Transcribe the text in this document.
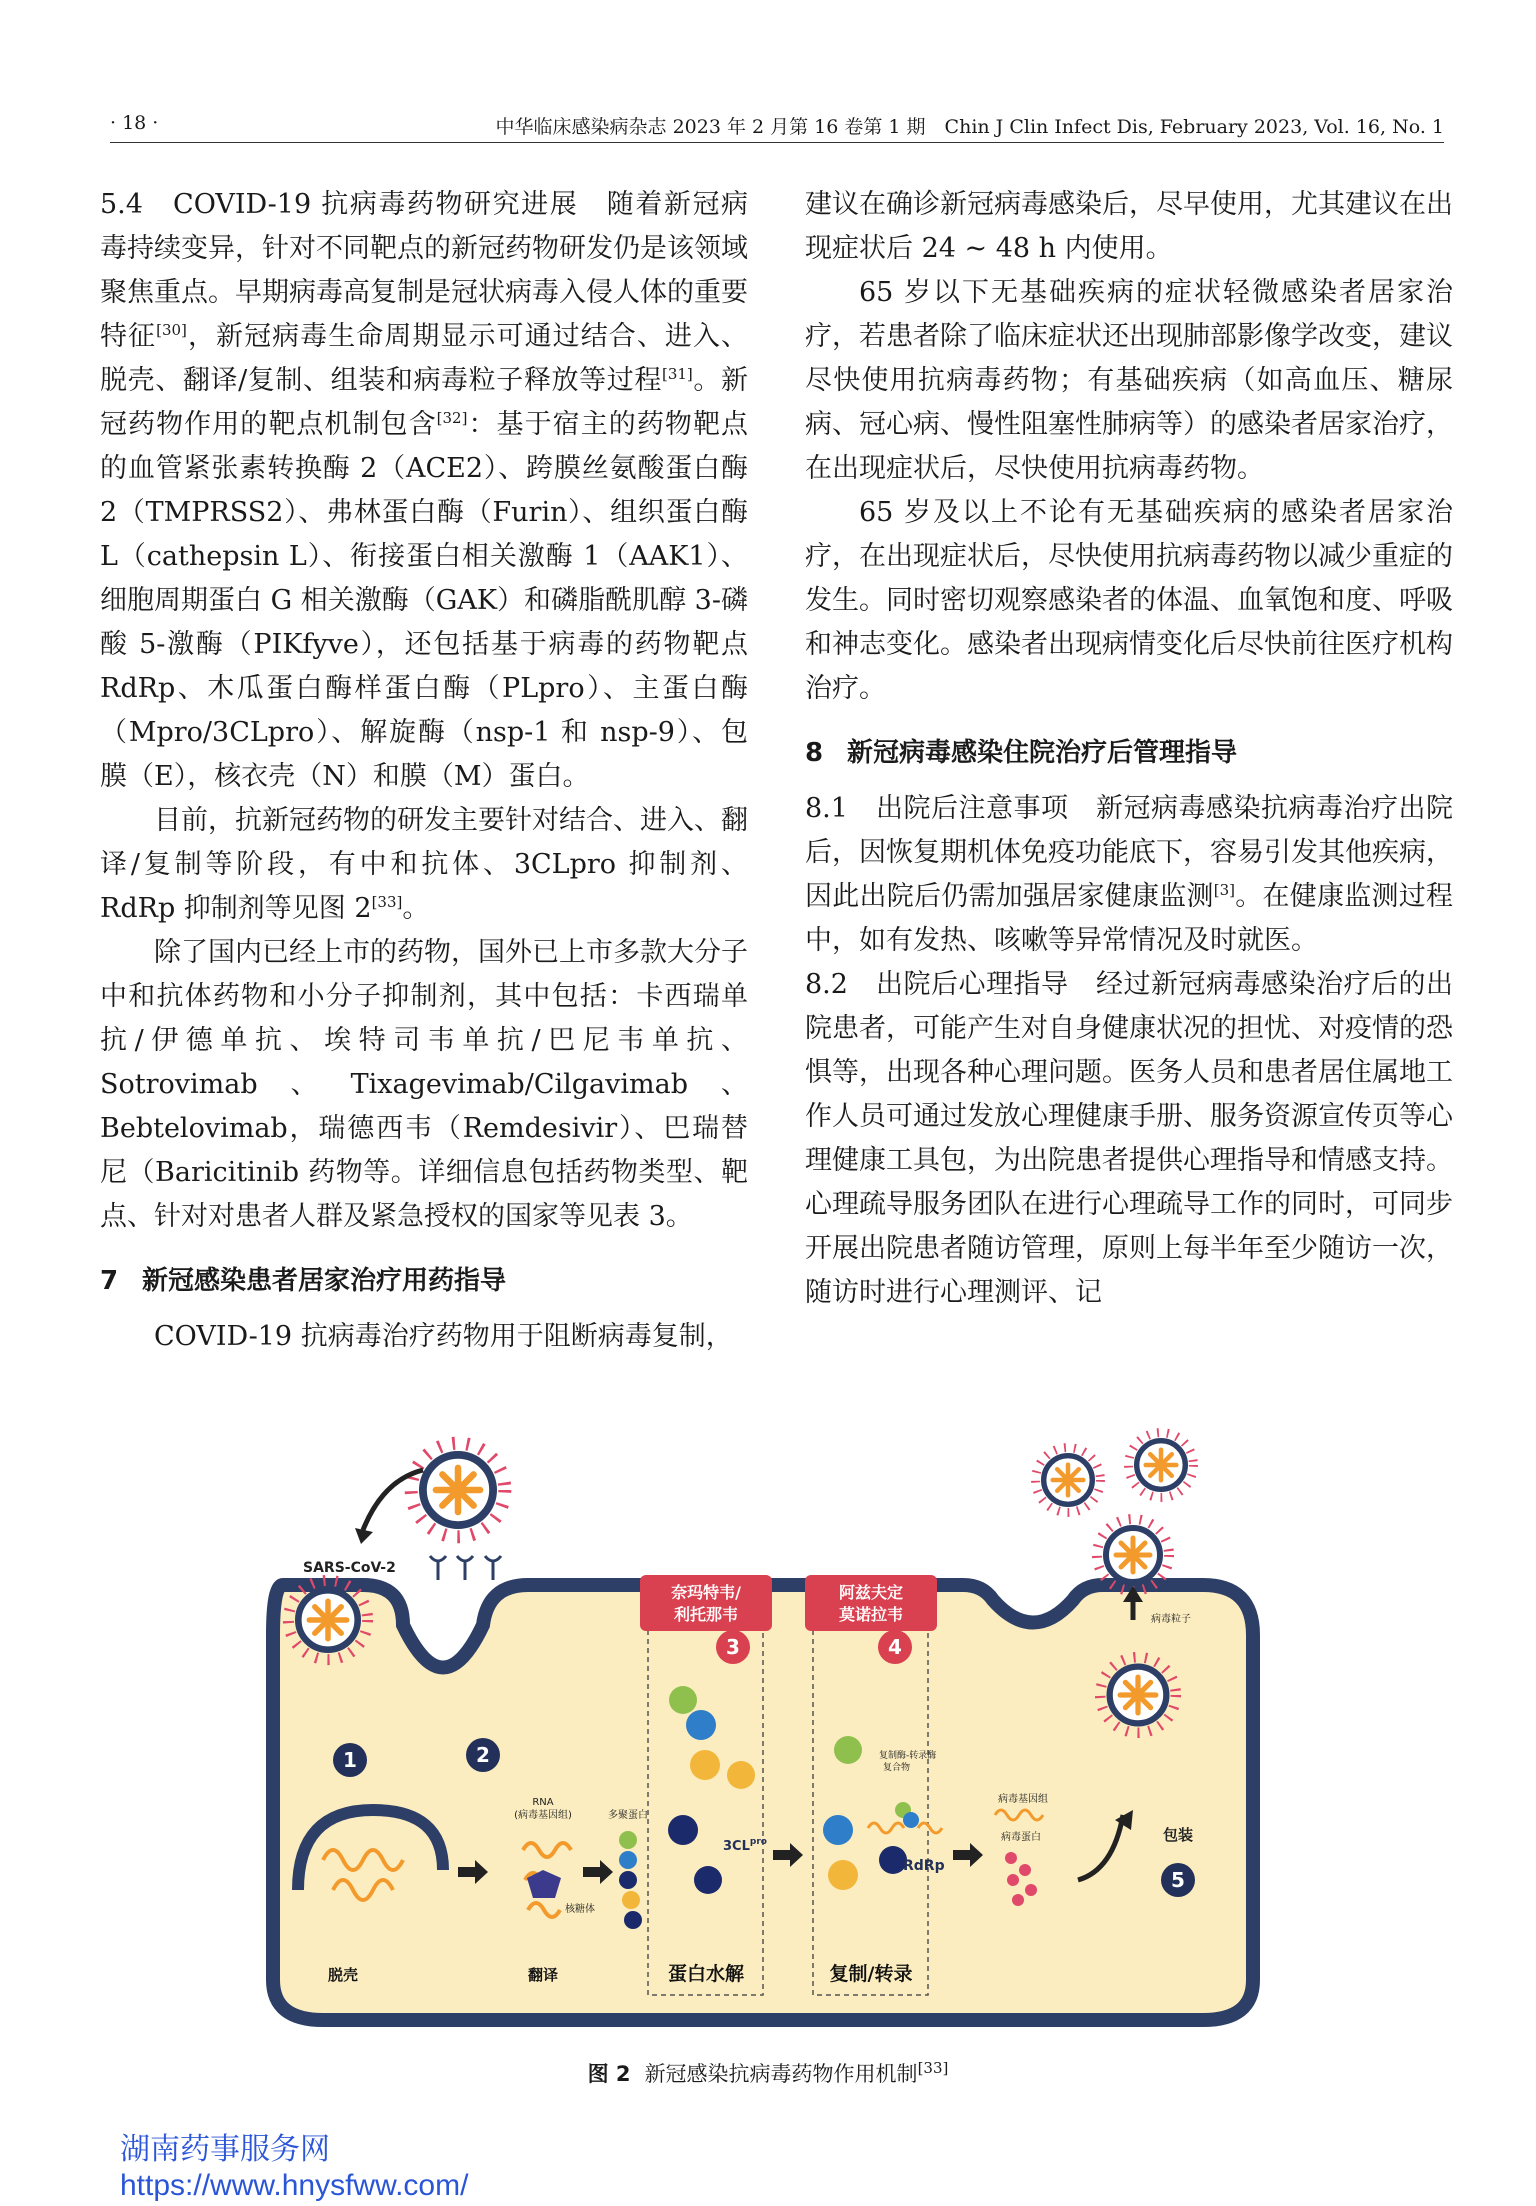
· 18 ·	中华临床感染病杂志 2023 年 2 月第 16 卷第 1 期　Chin J Clin Infect Dis, February 2023, Vol. 16, No. 1

5.4　COVID-19 抗病毒药物研究进展　随着新冠病毒持续变异，针对不同靶点的新冠药物研发仍是该领域聚焦重点。早期病毒高复制是冠状病毒入侵人体的重要特征[30]，新冠病毒生命周期显示可通过结合、进入、脱壳、翻译/复制、组装和病毒粒子释放等过程[31]。新冠药物作用的靶点机制包含[32]：基于宿主的药物靶点的血管紧张素转换酶 2（ACE2）、跨膜丝氨酸蛋白酶 2（TMPRSS2）、弗林蛋白酶（Furin）、组织蛋白酶 L（cathepsin L）、衔接蛋白相关激酶 1（AAK1）、细胞周期蛋白 G 相关激酶（GAK）和磷脂酰肌醇 3-磷酸 5-激酶（PIKfyve），还包括基于病毒的药物靶点 RdRp、木瓜蛋白酶样蛋白酶（PLpro）、主蛋白酶（Mpro/3CLpro）、解旋酶（nsp-1 和 nsp-9）、包膜（E），核衣壳（N）和膜（M）蛋白。

目前，抗新冠药物的研发主要针对结合、进入、翻译/复制等阶段，有中和抗体、3CLpro 抑制剂、RdRp 抑制剂等见图 2[33]。

除了国内已经上市的药物，国外已上市多款大分子中和抗体药物和小分子抑制剂，其中包括：卡西瑞单抗/伊德单抗、埃特司韦单抗/巴尼韦单抗、Sotrovimab、Tixagevimab/Cilgavimab、Bebtelovimab，瑞德西韦（Remdesivir）、巴瑞替尼（Baricitinib 药物等。详细信息包括药物类型、靶点、针对对患者人群及紧急授权的国家等见表 3。

7 新冠感染患者居家治疗用药指导

COVID-19 抗病毒治疗药物用于阻断病毒复制，

建议在确诊新冠病毒感染后，尽早使用，尤其建议在出现症状后 24 ~ 48 h 内使用。

65 岁以下无基础疾病的症状轻微感染者居家治疗，若患者除了临床症状还出现肺部影像学改变，建议尽快使用抗病毒药物；有基础疾病（如高血压、糖尿病、冠心病、慢性阻塞性肺病等）的感染者居家治疗，在出现症状后，尽快使用抗病毒药物。

65 岁及以上不论有无基础疾病的感染者居家治疗，在出现症状后，尽快使用抗病毒药物以减少重症的发生。同时密切观察感染者的体温、血氧饱和度、呼吸和神志变化。感染者出现病情变化后尽快前往医疗机构治疗。

8 新冠病毒感染住院治疗后管理指导

8.1　出院后注意事项　新冠病毒感染抗病毒治疗出院后，因恢复期机体免疫功能底下，容易引发其他疾病，因此出院后仍需加强居家健康监测[3]。在健康监测过程中，如有发热、咳嗽等异常情况及时就医。

8.2　出院后心理指导　经过新冠病毒感染治疗后的出院患者，可能产生对自身健康状况的担忧、对疫情的恐惧等，出现各种心理问题。医务人员和患者居住属地工作人员可通过发放心理健康手册、服务资源宣传页等心理健康工具包，为出院患者提供心理指导和情感支持。心理疏导服务团队在进行心理疏导工作的同时，可同步开展出院患者随访管理，原则上每半年至少随访一次，随访时进行心理测评、记

SARS-CoV-2
奈玛特韦/
利托那韦
阿兹夫定
莫诺拉韦
1	2
3	4
5
RNA
(病毒基因组)
核糖体
多聚蛋白
$3CL^{pro}$
复制酶-转录酶
复合物
RdRp
病毒基因组
病毒蛋白
病毒粒子
包装
脱壳	翻译	蛋白水解	复制/转录
图 2 新冠感染抗病毒药物作用机制[33]
湖南药事服务网
https://www.hnysfww.com/
